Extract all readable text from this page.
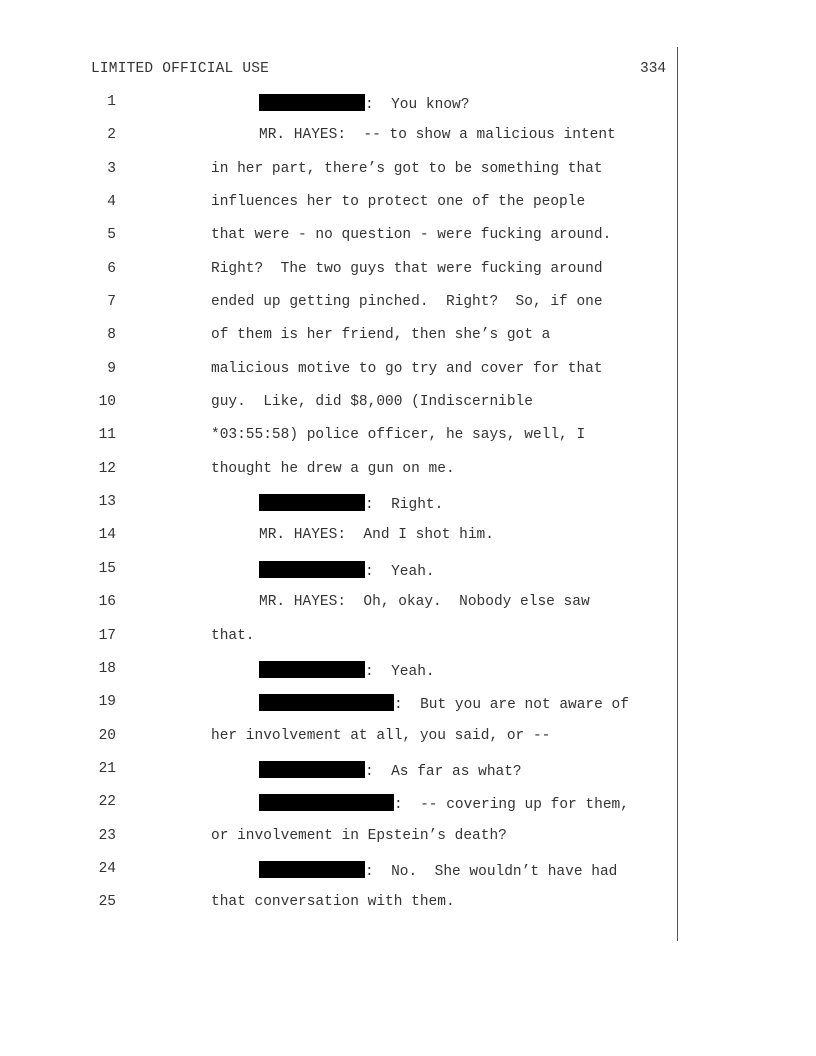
LIMITED OFFICIAL USE	334
1	:  You know?
2	MR. HAYES:  -- to show a malicious intent
3	in her part, there’s got to be something that
4	influences her to protect one of the people
5	that were - no question - were fucking around.
6	Right?  The two guys that were fucking around
7	ended up getting pinched.  Right?  So, if one
8	of them is her friend, then she’s got a
9	malicious motive to go try and cover for that
10	guy.  Like, did $8,000 (Indiscernible
11	*03:55:58) police officer, he says, well, I
12	thought he drew a gun on me.
13	:  Right.
14	MR. HAYES:  And I shot him.
15	:  Yeah.
16	MR. HAYES:  Oh, okay.  Nobody else saw
17	that.
18	:  Yeah.
19	:  But you are not aware of
20	her involvement at all, you said, or --
21	:  As far as what?
22	:  -- covering up for them,
23	or involvement in Epstein’s death?
24	:  No.  She wouldn’t have had
25	that conversation with them.
